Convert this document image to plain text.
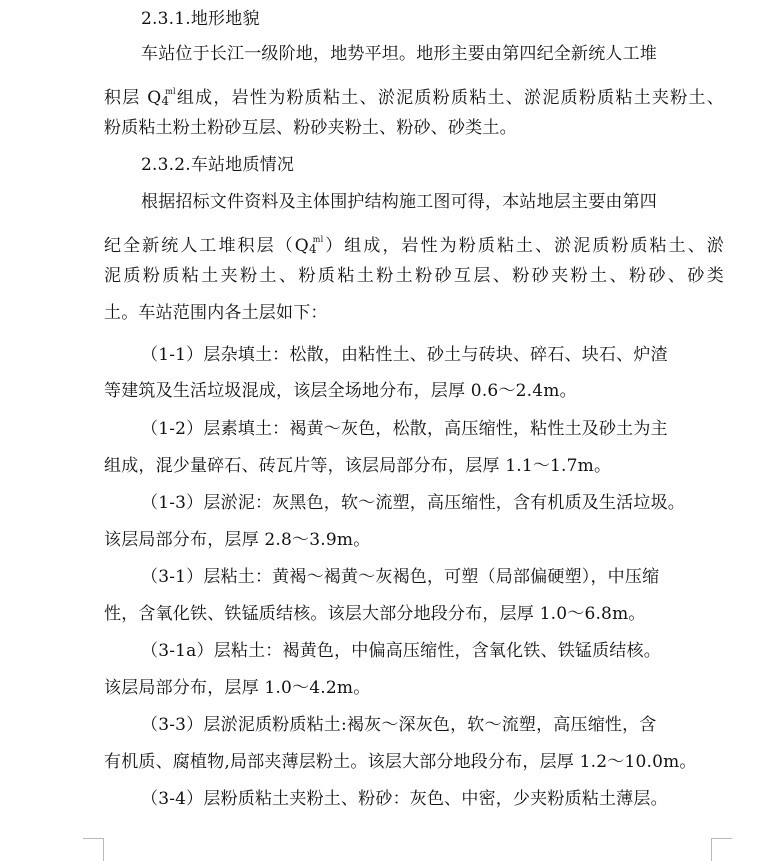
2.3.1.地形地貌
车站位于长江一级阶地，地势平坦。地形主要由第四纪全新统人工堆
积层 $Q4^{ml}$组成，岩性为粉质粘土、淤泥质粉质粘土、淤泥质粉质粘土夹粉土、
粉质粘土粉土粉砂互层、粉砂夹粉土、粉砂、砂类土。
2.3.2.车站地质情况
根据招标文件资料及主体围护结构施工图可得，本站地层主要由第四
纪全新统人工堆积层$(Q4^{ml})$组成，岩性为粉质粘土、淤泥质粉质粘土、淤
泥质粉质粘土夹粉土、粉质粘土粉土粉砂互层、粉砂夹粉土、粉砂、砂类
土。车站范围内各土层如下：
（1-1）层杂填土：松散，由粘性土、砂土与砖块、碎石、块石、炉渣
等建筑及生活垃圾混成，该层全场地分布，层厚 0.6～2.4m。
（1-2）层素填土：褐黄～灰色，松散，高压缩性，粘性土及砂土为主
组成，混少量碎石、砖瓦片等，该层局部分布，层厚 1.1～1.7m。
（1-3）层淤泥：灰黑色，软～流塑，高压缩性，含有机质及生活垃圾。
该层局部分布，层厚 2.8～3.9m。
（3-1）层粘土：黄褐～褐黄～灰褐色，可塑（局部偏硬塑），中压缩
性，含氧化铁、铁锰质结核。该层大部分地段分布，层厚 1.0～6.8m。
（3-1a）层粘土：褐黄色，中偏高压缩性，含氧化铁、铁锰质结核。
该层局部分布，层厚 1.0～4.2m。
（3-3）层淤泥质粉质粘土:褐灰～深灰色，软～流塑，高压缩性，含
有机质、腐植物,局部夹薄层粉土。该层大部分地段分布，层厚 1.2～10.0m。
（3-4）层粉质粘土夹粉土、粉砂：灰色、中密，少夹粉质粘土薄层。
